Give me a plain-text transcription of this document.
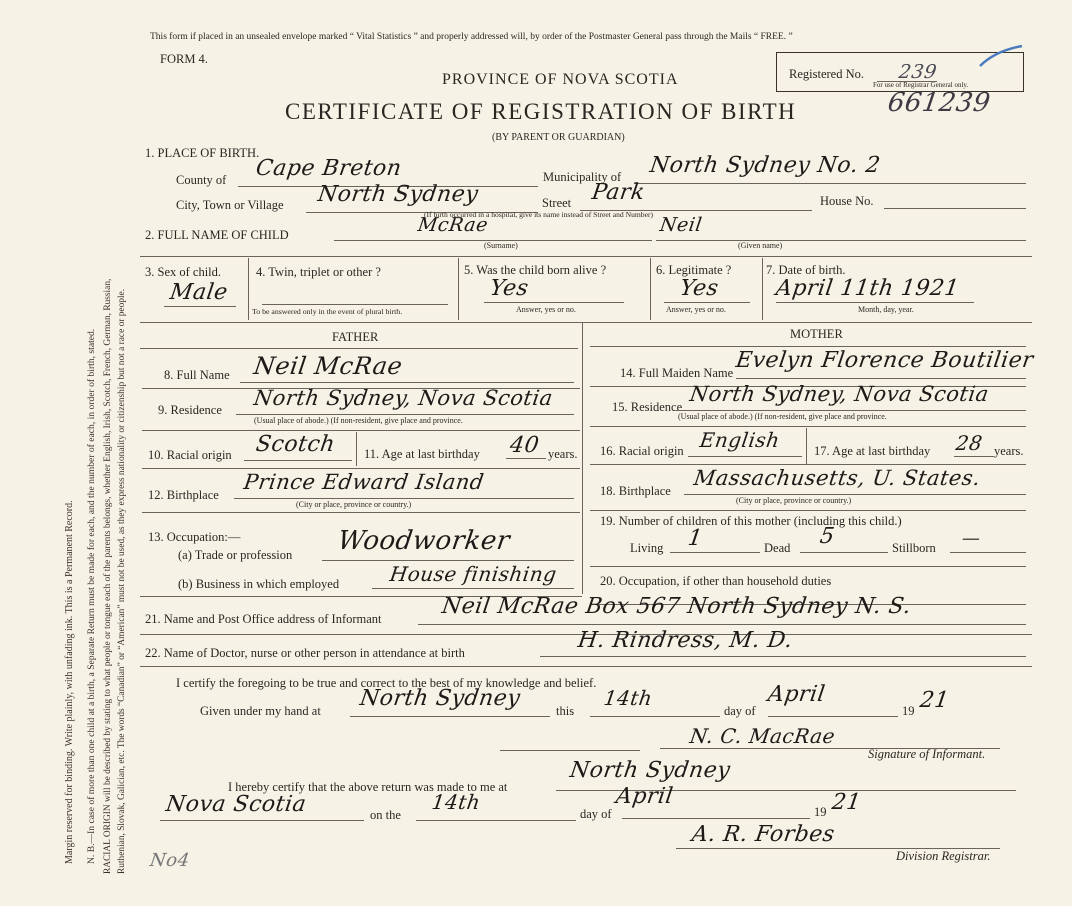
Margin reserved for binding. Write plainly, with unfading ink. This is a Permanent Record. N. B.—In case of more than one child at a birth, a Separate Return must be made for each, and the number of each, in order of birth, stated. RACIAL ORIGIN will be described by stating to what people or tongue each of the parents belongs, whether English, Irish, Scotch, French, German, Russian, Ruthenian, Slovak, Galician, etc. The words “Canadian” or “American” must not be used, as they express nationality or citizenship but not a race or people.
This form if placed in an unsealed envelope marked “ Vital Statistics ” and properly addressed will, by order of the Postmaster General pass through the Mails “ FREE. ”
FORM 4.
PROVINCE OF NOVA SCOTIA
CERTIFICATE OF REGISTRATION OF BIRTH
(BY PARENT OR GUARDIAN)
661239
Registered No. 239
For use of Registrar General only.
1. PLACE OF BIRTH.
County of Cape Breton	Municipality of North Sydney No. 2
City, Town or Village North Sydney	Street Park	House No.
(If birth occurred in a hospital, give its name instead of Street and Number)
2. FULL NAME OF CHILD	McRae
(Surname)
Neil
(Given name)
3. Sex of child.
Male
4. Twin, triplet or other ?
To be answered only in the event of plural birth.
5. Was the child born alive ?
Yes
Answer, yes or no.
6. Legitimate ?
Yes
Answer, yes or no.
7. Date of birth.
April 11th 1921
Month, day, year.
FATHER	MOTHER
8. Full Name Neil McRae
9. Residence North Sydney, Nova Scotia
(Usual place of abode.) (If non-resident, give place and province.
10. Racial origin Scotch 11. Age at last birthday 40 years.
12. Birthplace
Prince Edward Island
(City or place, province or country.)
13. Occupation:—
(a) Trade or profession Woodworker
(b) Business in which employed House finishing
14. Full Maiden Name Evelyn Florence Boutilier
15. Residence
North Sydney, Nova Scotia
(Usual place of abode.) (If non-resident, give place and province.
16. Racial origin English	17. Age at last birthday 28 years.
18. Birthplace
Massachusetts, U. States.
(City or place, province or country.)
19. Number of children of this mother (including this child.)
Living 1	Dead 5	Stillborn —
20. Occupation, if other than household duties
21. Name and Post Office address of Informant	Neil McRae Box 567 North Sydney N. S.
22. Name of Doctor, nurse or other person in attendance at birth	H. Rindress, M. D.
I certify the foregoing to be true and correct to the best of my knowledge and belief.
Given under my hand at North Sydney	this
14th
day of
April
19 21
N. C. MacRae
Signature of Informant.
I hereby certify that the above return was made to me at
North Sydney
Nova Scotia	on the
14th	day of
April
19 21
A. R. Forbes
Division Registrar.
No4
